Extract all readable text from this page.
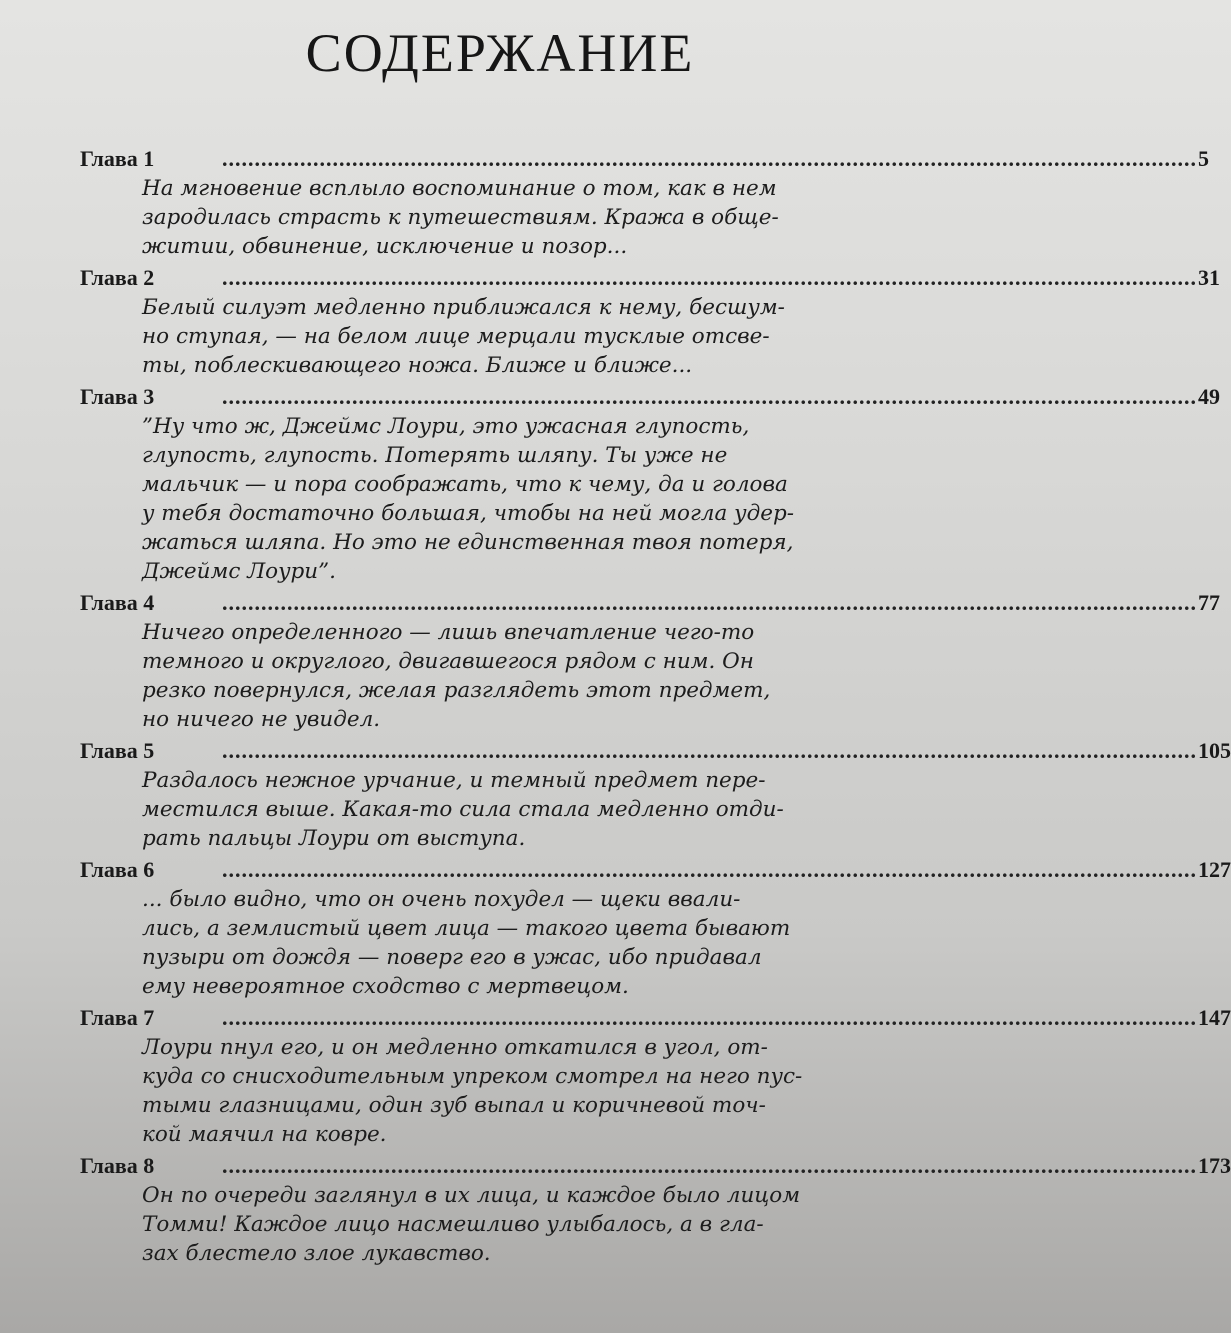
СОДЕРЖАНИЕ
Глава 1	...................................................................................................................................................... 5
На мгновение всплыло воспоминание о том, как в нем
зародилась страсть к путешествиям. Кража в обще-
житии, обвинение, исключение и позор...
Глава 2	...................................................................................................................................................... 31
Белый силуэт медленно приближался к нему, бесшум-
но ступая, — на белом лице мерцали тусклые отсве-
ты, поблескивающего ножа. Ближе и ближе...
Глава 3	...................................................................................................................................................... 49
”Ну что ж, Джеймс Лоури, это ужасная глупость,
глупость, глупость. Потерять шляпу. Ты уже не
мальчик — и пора соображать, что к чему, да и голова
у тебя достаточно большая, чтобы на ней могла удер-
жаться шляпа. Но это не единственная твоя потеря,
Джеймс Лоури”.
Глава 4	...................................................................................................................................................... 77
Ничего определенного — лишь впечатление чего-то
темного и округлого, двигавшегося рядом с ним. Он
резко повернулся, желая разглядеть этот предмет,
но ничего не увидел.
Глава 5	...................................................................................................................................................... 105
Раздалось нежное урчание, и темный предмет пере-
местился выше. Какая-то сила стала медленно отди-
рать пальцы Лоури от выступа.
Глава 6	...................................................................................................................................................... 127
... было видно, что он очень похудел — щеки ввали-
лись, а землистый цвет лица — такого цвета бывают
пузыри от дождя — поверг его в ужас, ибо придавал
ему невероятное сходство с мертвецом.
Глава 7	...................................................................................................................................................... 147
Лоури пнул его, и он медленно откатился в угол, от-
куда со снисходительным упреком смотрел на него пус-
тыми глазницами, один зуб выпал и коричневой точ-
кой маячил на ковре.
Глава 8	...................................................................................................................................................... 173
Он по очереди заглянул в их лица, и каждое было лицом
Томми! Каждое лицо насмешливо улыбалось, а в гла-
зах блестело злое лукавство.
